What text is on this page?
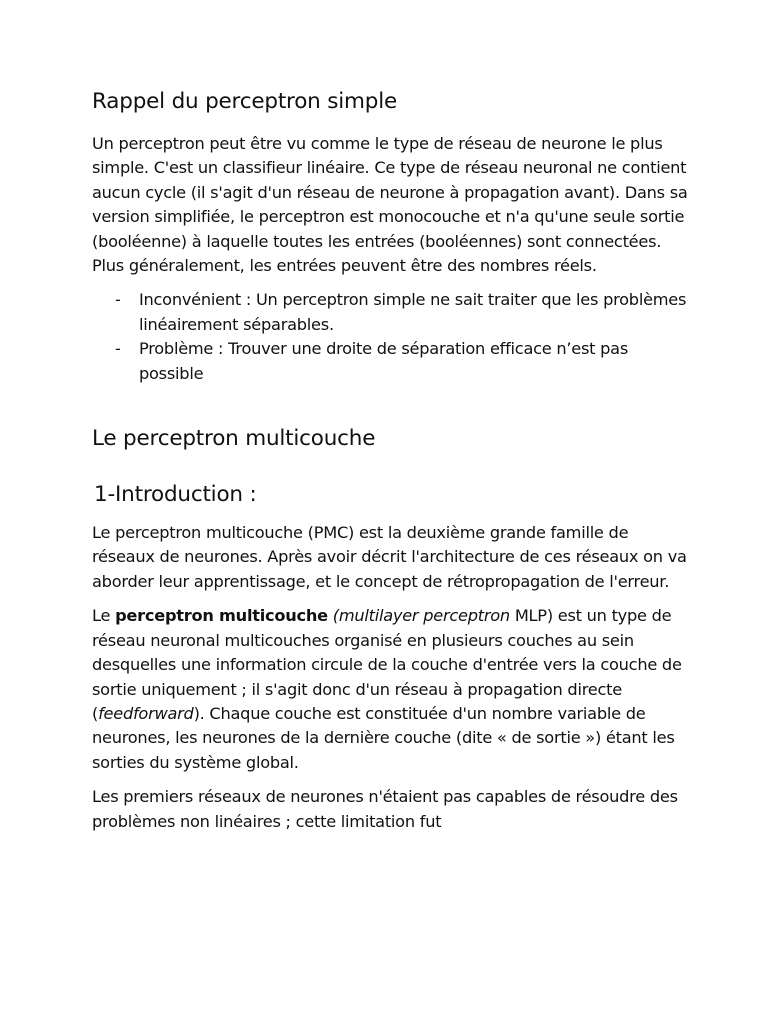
Rappel du perceptron simple

Un perceptron peut être vu comme le type de réseau de neurone le plus simple. C'est un classifieur linéaire. Ce type de réseau neuronal ne contient aucun cycle (il s'agit d'un réseau de neurone à propagation avant). Dans sa version simplifiée, le perceptron est monocouche et n'a qu'une seule sortie (booléenne) à laquelle toutes les entrées (booléennes) sont connectées. Plus généralement, les entrées peuvent être des nombres réels.

- Inconvénient : Un perceptron simple ne sait traiter que les problèmes linéairement séparables.
- Problème : Trouver une droite de séparation efficace n’est pas possible
Le perceptron multicouche
1-Introduction :

Le perceptron multicouche (PMC) est la deuxième grande famille de réseaux de neurones. Après avoir décrit l'architecture de ces réseaux on va aborder leur apprentissage, et le concept de rétropropagation de l'erreur.

Le perceptron multicouche (multilayer perceptron MLP) est un type de réseau neuronal multicouches organisé en plusieurs couches au sein desquelles une information circule de la couche d'entrée vers la couche de sortie uniquement ; il s'agit donc d'un réseau à propagation directe (feedforward). Chaque couche est constituée d'un nombre variable de neurones, les neurones de la dernière couche (dite « de sortie ») étant les sorties du système global.

Les premiers réseaux de neurones n'étaient pas capables de résoudre des problèmes non linéaires ; cette limitation fut
